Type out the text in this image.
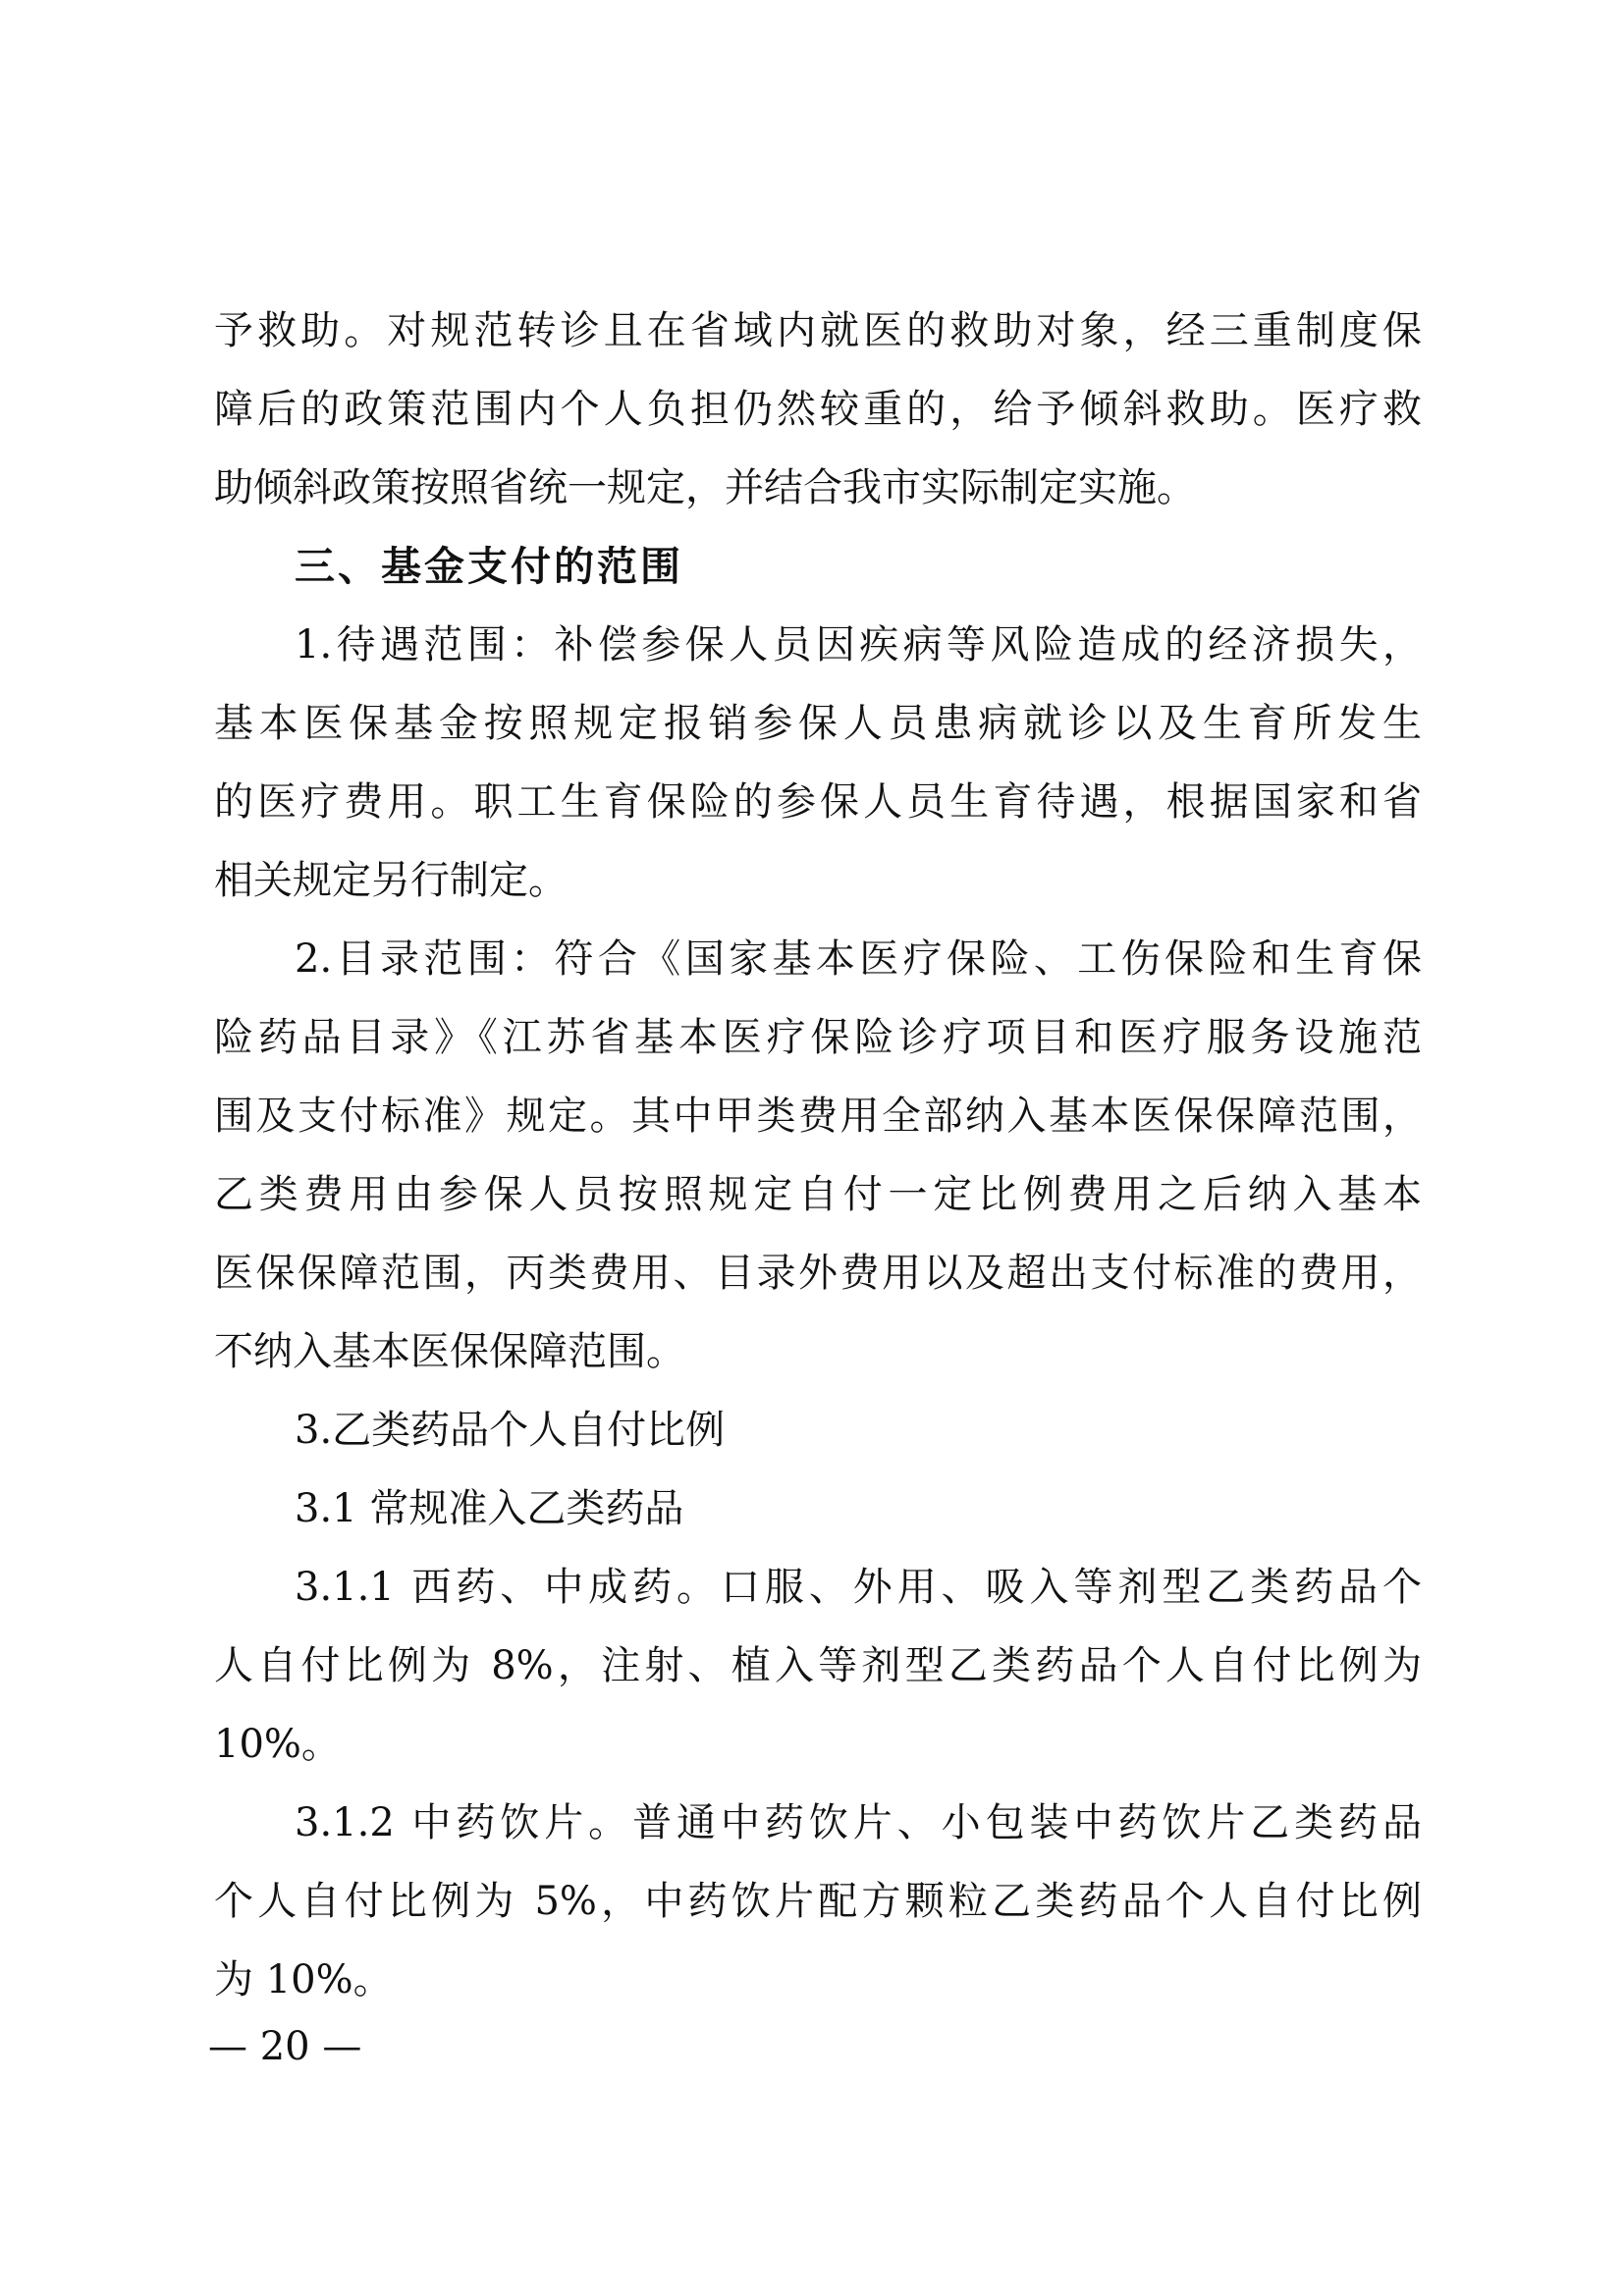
予救助。对规范转诊且在省域内就医的救助对象，经三重制度保
障后的政策范围内个人负担仍然较重的，给予倾斜救助。医疗救
助倾斜政策按照省统一规定，并结合我市实际制定实施。
三、基金支付的范围
1.待遇范围：补偿参保人员因疾病等风险造成的经济损失，
基本医保基金按照规定报销参保人员患病就诊以及生育所发生
的医疗费用。职工生育保险的参保人员生育待遇，根据国家和省
相关规定另行制定。
2.目录范围：符合《国家基本医疗保险、工伤保险和生育保
险药品目录》《江苏省基本医疗保险诊疗项目和医疗服务设施范
围及支付标准》规定。其中甲类费用全部纳入基本医保保障范围，
乙类费用由参保人员按照规定自付一定比例费用之后纳入基本
医保保障范围，丙类费用、目录外费用以及超出支付标准的费用，
不纳入基本医保保障范围。
3.乙类药品个人自付比例
3.1 常规准入乙类药品
3.1.1 西药、中成药。口服、外用、吸入等剂型乙类药品个
人自付比例为 8%，注射、植入等剂型乙类药品个人自付比例为
10%。
3.1.2 中药饮片。普通中药饮片、小包装中药饮片乙类药品
个人自付比例为 5%，中药饮片配方颗粒乙类药品个人自付比例
为 10%。
— 20 —
